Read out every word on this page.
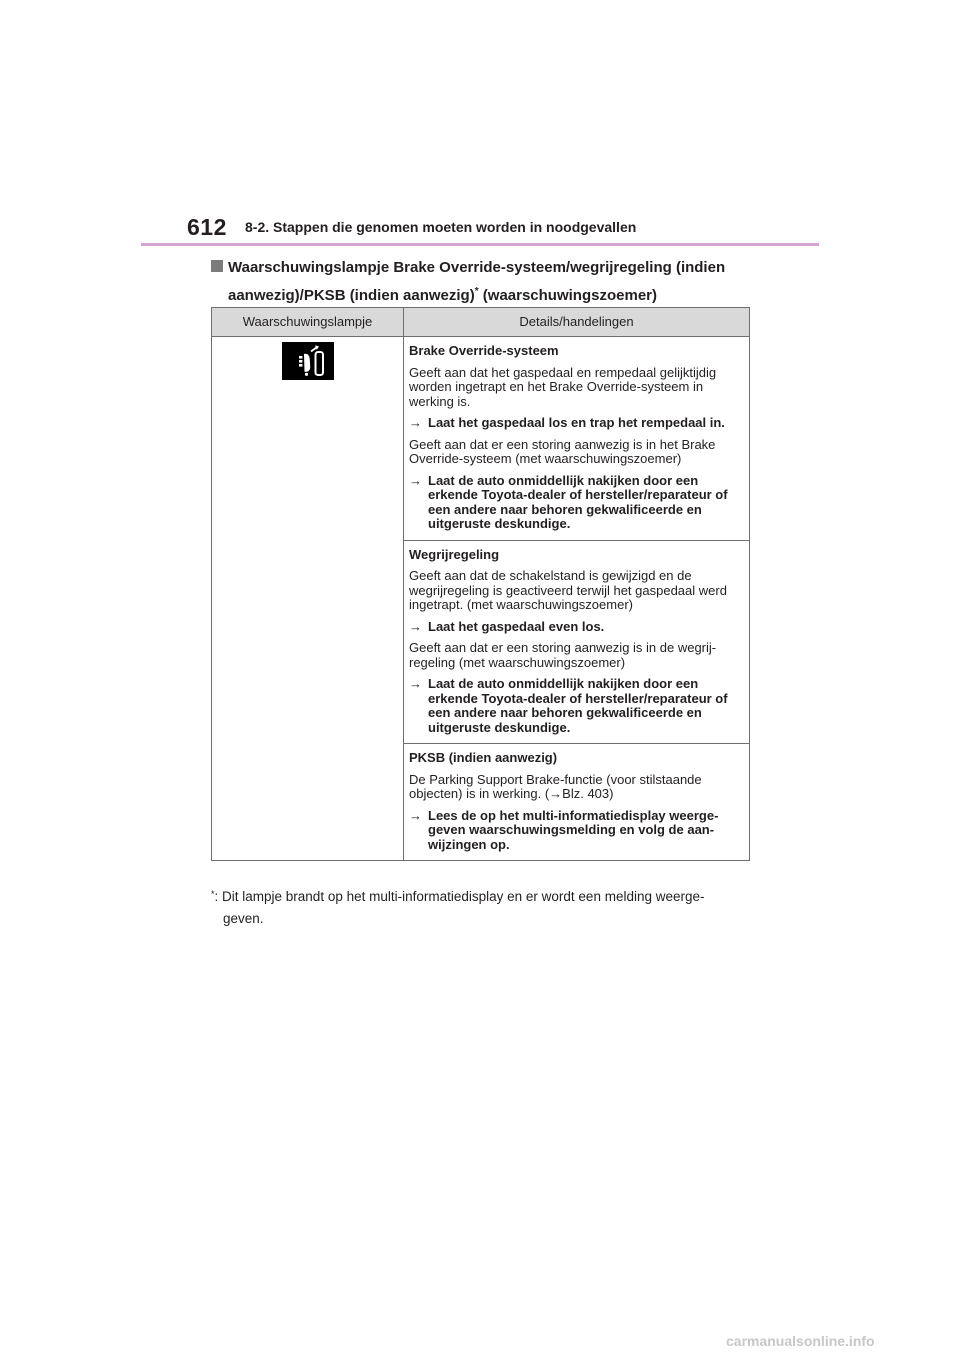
612 8-2. Stappen die genomen moeten worden in noodgevallen
Waarschuwingslampje Brake Override-systeem/wegrijregeling (indien aanwezig)/PKSB (indien aanwezig)* (waarschuwingszoemer)
Waarschuwingslampje	Details/handelingen

Brake Override-systeem
Geeft aan dat het gaspedaal en rempedaal gelijktijdig worden ingetrapt en het Brake Override-systeem in werking is.
→ Laat het gaspedaal los en trap het rempedaal in.
Geeft aan dat er een storing aanwezig is in het Brake Override-systeem (met waarschuwingszoemer)
→ Laat de auto onmiddellijk nakijken door een erkende Toyota-dealer of hersteller/reparateur of een andere naar behoren gekwalificeerde en uitgeruste deskundige.

	Wegrijregeling
Geeft aan dat de schakelstand is gewijzigd en de wegrijregeling is geactiveerd terwijl het gaspedaal werd ingetrapt. (met waarschuwingszoemer)
→ Laat het gaspedaal even los.
Geeft aan dat er een storing aanwezig is in de wegrij-regeling (met waarschuwingszoemer)
→ Laat de auto onmiddellijk nakijken door een erkende Toyota-dealer of hersteller/reparateur of een andere naar behoren gekwalificeerde en uitgeruste deskundige.

	PKSB (indien aanwezig)
De Parking Support Brake-functie (voor stilstaande objecten) is in werking. (→Blz. 403)
→ Lees de op het multi-informatiedisplay weerge-geven waarschuwingsmelding en volg de aan-wijzingen op.
*: Dit lampje brandt op het multi-informatiedisplay en er wordt een melding weerge-
geven.
carmanualsonline.info
